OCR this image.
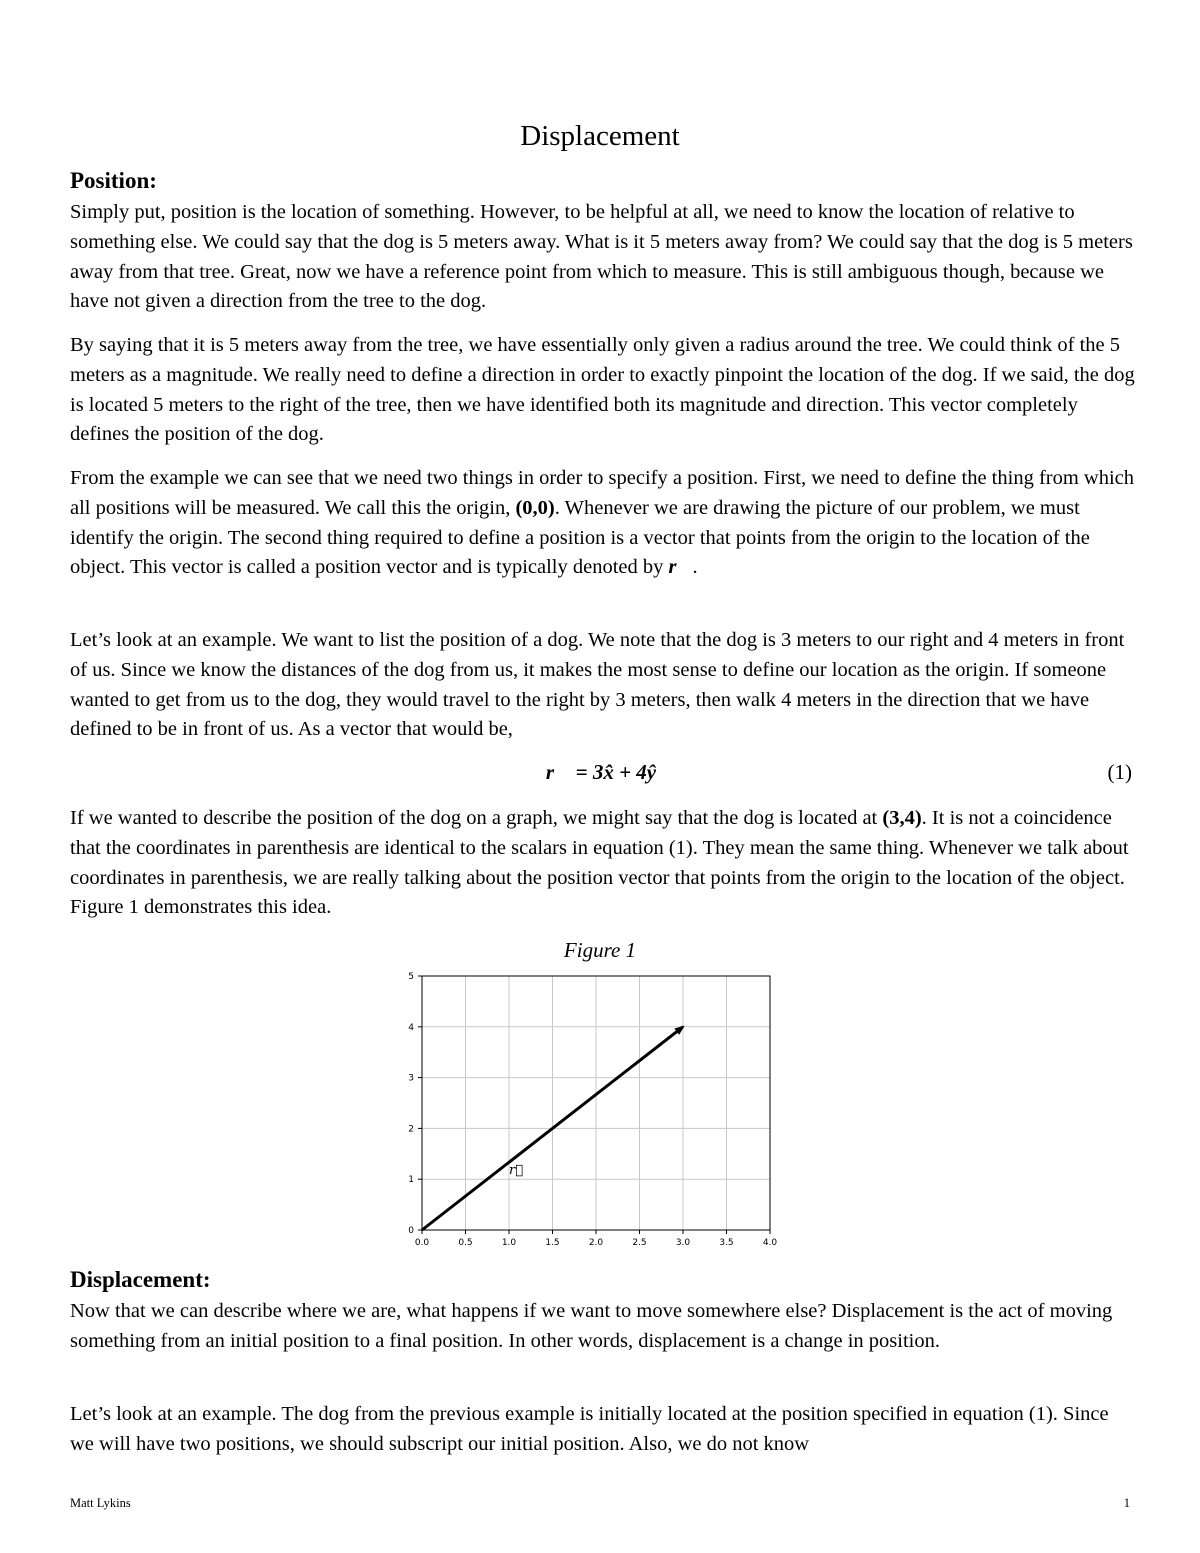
Displacement
Position:

Simply put, position is the location of something. However, to be helpful at all, we need to know the location of relative to something else. We could say that the dog is 5 meters away. What is it 5 meters away from? We could say that the dog is 5 meters away from that tree. Great, now we have a reference point from which to measure. This is still ambiguous though, because we have not given a direction from the tree to the dog.

By saying that it is 5 meters away from the tree, we have essentially only given a radius around the tree. We could think of the 5 meters as a magnitude. We really need to define a direction in order to exactly pinpoint the location of the dog. If we said, the dog is located 5 meters to the right of the tree, then we have identified both its magnitude and direction. This vector completely defines the position of the dog.

From the example we can see that we need two things in order to specify a position. First, we need to define the thing from which all positions will be measured. We call this the origin, (0,0). Whenever we are drawing the picture of our problem, we must identify the origin. The second thing required to define a position is a vector that points from the origin to the location of the object. This vector is called a position vector and is typically denoted by r⃗.

Let’s look at an example. We want to list the position of a dog. We note that the dog is 3 meters to our right and 4 meters in front of us. Since we know the distances of the dog from us, it makes the most sense to define our location as the origin. If someone wanted to get from us to the dog, they would travel to the right by 3 meters, then walk 4 meters in the direction that we have defined to be in front of us. As a vector that would be,

r⃗ = 3x̂ + 4ŷ	(1)

If we wanted to describe the position of the dog on a graph, we might say that the dog is located at (3,4). It is not a coincidence that the coordinates in parenthesis are identical to the scalars in equation (1). They mean the same thing. Whenever we talk about coordinates in parenthesis, we are really talking about the position vector that points from the origin to the location of the object. Figure 1 demonstrates this idea.

Figure 1
0.0	0.5	1.0	1.5	2.0	2.5	3.0	3.5	4.0
0
1
2
3
4
5
r⃗
Displacement:

Now that we can describe where we are, what happens if we want to move somewhere else? Displacement is the act of moving something from an initial position to a final position. In other words, displacement is a change in position.

Let’s look at an example. The dog from the previous example is initially located at the position specified in equation (1). Since we will have two positions, we should subscript our initial position. Also, we do not know

Matt Lykins	1
